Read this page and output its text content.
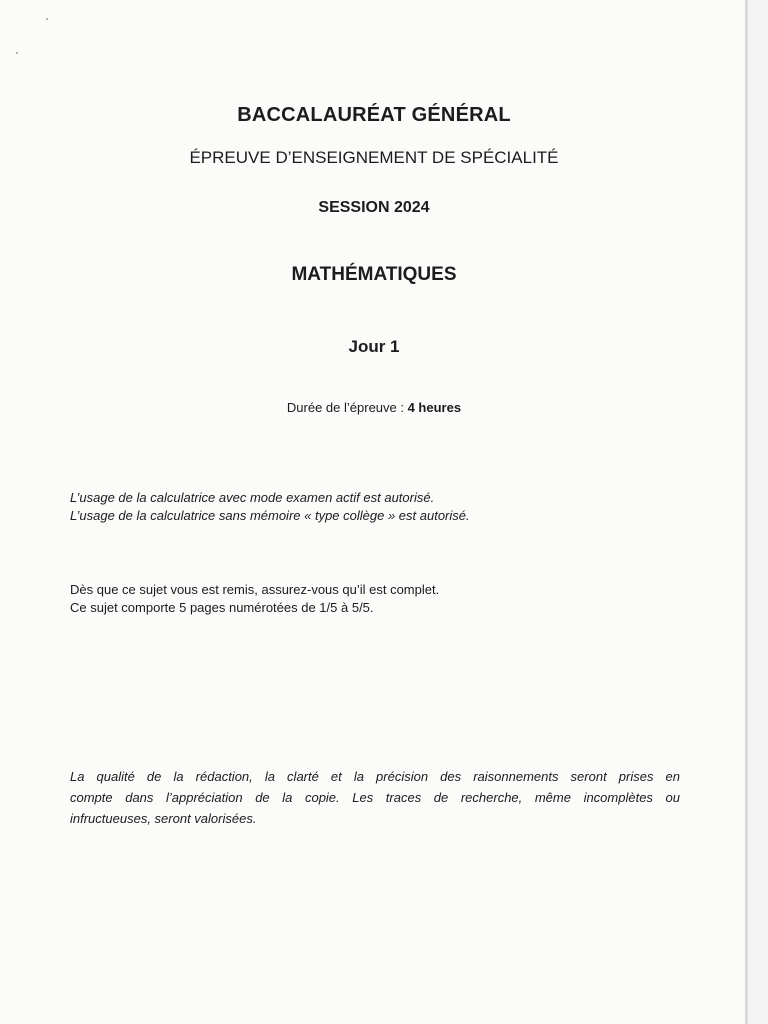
BACCALAURÉAT GÉNÉRAL
ÉPREUVE D’ENSEIGNEMENT DE SPÉCIALITÉ
SESSION 2024
MATHÉMATIQUES
Jour 1
Durée de l’épreuve : 4 heures
L’usage de la calculatrice avec mode examen actif est autorisé.
L’usage de la calculatrice sans mémoire « type collège » est autorisé.
Dès que ce sujet vous est remis, assurez-vous qu’il est complet.
Ce sujet comporte 5 pages numérotées de 1/5 à 5/5.
La qualité de la rédaction, la clarté et la précision des raisonnements seront prises en
compte dans l’appréciation de la copie. Les traces de recherche, même incomplètes ou
infructueuses, seront valorisées.
